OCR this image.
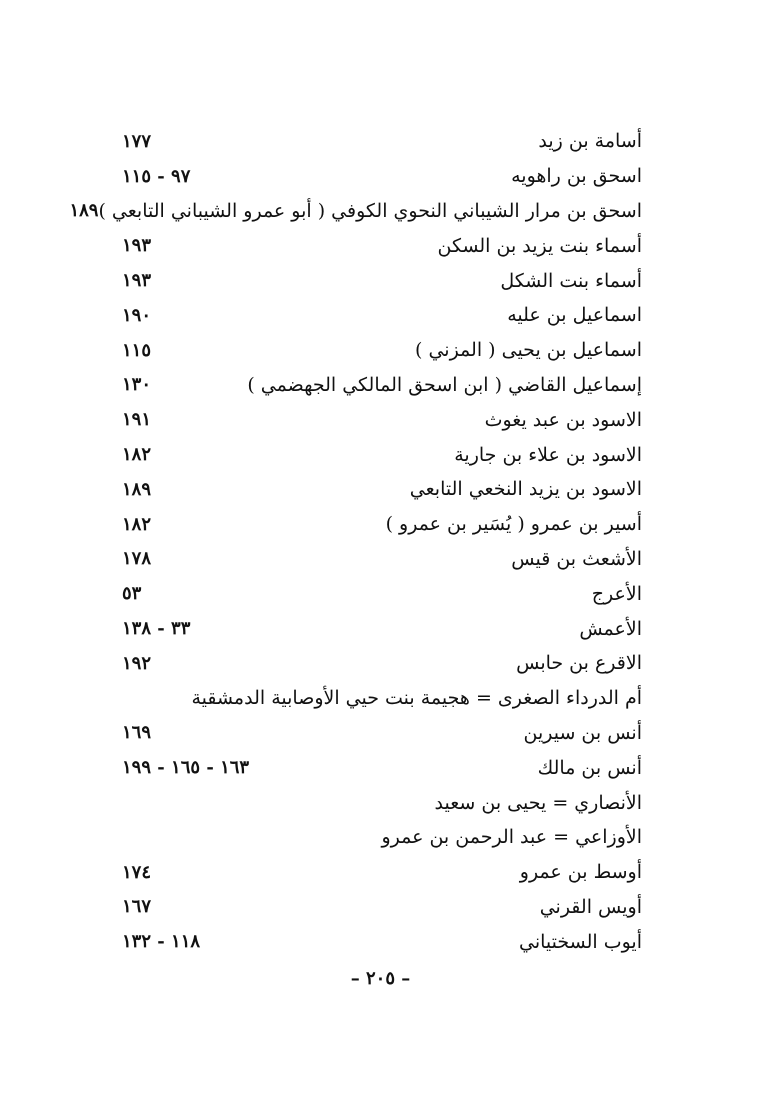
أسامة بن زيد
١٧٧
اسحق بن راهويه
٩٧ - ١١٥
اسحق بن مرار الشيباني النحوي الكوفي ( أبو عمرو الشيباني التابعي )
١٨٩
أسماء بنت يزيد بن السكن
١٩٣
أسماء بنت الشكل
١٩٣
اسماعيل بن عليه
١٩٠
اسماعيل بن يحيى ( المزني )
١١٥
إسماعيل القاضي ( ابن اسحق المالكي الجهضمي )
١٣٠
الاسود بن عبد يغوث
١٩١
الاسود بن علاء بن جارية
١٨٢
الاسود بن يزيد النخعي التابعي
١٨٩
أسير بن عمرو ( يُسَير بن عمرو )
١٨٢
الأشعث بن قيس
١٧٨
الأعرج
٥٣
الأعمش
٣٣ - ١٣٨
الاقرع بن حابس
١٩٢
أم الدرداء الصغرى = هجيمة بنت حيي الأوصابية الدمشقية
أنس بن سيرين
١٦٩
أنس بن مالك
١٦٣ - ١٦٥ - ١٩٩
الأنصاري = يحيى بن سعيد
الأوزاعي = عبد الرحمن بن عمرو
أوسط بن عمرو
١٧٤
أويس القرني
١٦٧
أيوب السختياني
١١٨ - ١٣٢
– ٢٠٥ –
